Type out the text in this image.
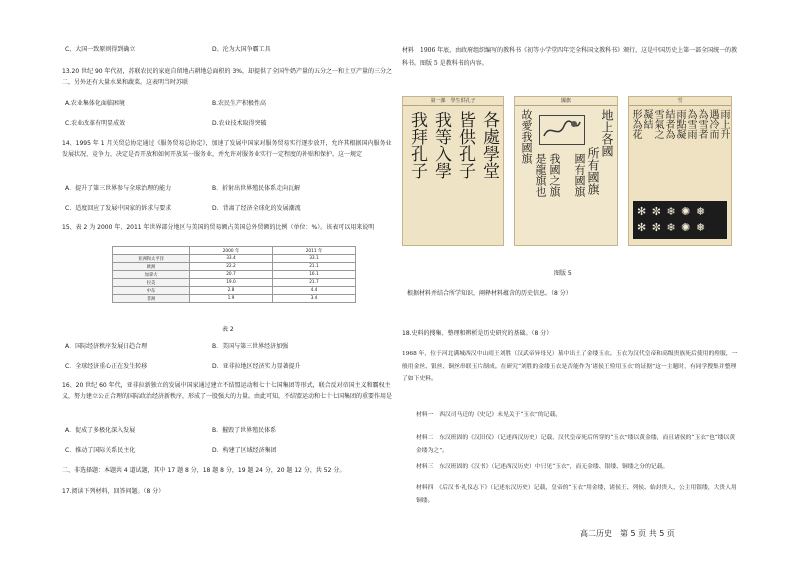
C、大国一致原则得到确立	D、沦为大国争霸工具
13.20 世纪 90 年代初，苏联农民的家庭自留地占耕地总面积的 3%，却提供了全国牛奶产量的五分之一和土豆产量的三分之二，另外还有大量水果和蔬菜。这表明当时苏联
A.农业集体化面临困境	B.农民生产积极性高
C.农业改革有明显成效	D.农业技术取得突破
14、1995 年 1 月关贸总协定通过《服务贸易总协定》，加速了发展中国家对服务贸易实行逐步放开，允许其根据国内服务业发展状况、竞争力，决定是否开放和如何开放某一服务业，并允许对服务业实行一定程度的补贴和保护。这一规定
A．提升了第三世界参与全球治理的能力	B．折射出世界殖民体系走向瓦解
C．适度回应了发展中国家的诉求与要求	D．背离了经济全球化的发展潮流
15、表 2 为 2000 年、2011 年世界部分地区与美国的贸易额占美国总外贸额的比例（单位：%）。该表可以用来说明
	2000 年	2011 年
亚洲和太平洋	33.4	33.1
欧洲	22.2	21.1
加拿大	20.7	16.1
拉美	19.0	21.7
中东	2.8	4.4
非洲	1.9	3.4
表 2
A．国际经济秩序发展日趋合理	B．美国与第三世界经济加强
C．全球经济重心正在发生转移	D．亚非拉地区经济实力显著提升
16、20 世纪 60 年代，亚非拉新独立的发展中国家通过建立不结盟运动和七十七国集团等形式，联合反对帝国主义和霸权主义，努力建立公正合理的国际政治经济新秩序，形成了一股强大的力量。由此可知，不结盟运动和七十七国集团的重要作用是
A．促成了多极化深入发展	B．摧毁了世界殖民体系
C．推动了国际关系民主化	D．构建了区域经济集团
二、非选择题：本题共 4 道试题，其中 17 题 8 分，18 题 8 分，19 题 24 分，20 题 12 分，共 52 分。
17.阅读下列材料，回答问题。（8 分）
材料　1906 年底，由政府组织编写的教科书《初等小学堂四年完全科国文教科书》颁行，这是中国历史上第一部全国统一的教科书。图版 5 是教科书的内容。
第一課　學生供孔子
各處學堂
皆供孔子
我等入學
我拜孔子
國旗
地上各國
所有國旗
國有國旗
我國之旗
是龍旗也
故愛我國旗
雪
雨上升
遇冷而
為雪者
為雪雨
雨點凝
結者為
雪氣之
凝結
形為花
✻ ✼ ❄ ✺ ❅
✻ ✼ ❄ ✺ ❅
图版 5
根据材料并结合所学知识，阐释材料蕴含的历史信息。（8 分）
18.史料的搜集、整理和辨析是历史研究的基础。（8 分）
1968 年，位于河北满城西汉中山靖王刘胜（汉武帝异母兄）墓中出土了金缕玉衣。玉衣为汉代皇帝和高级贵族死后使用的殓服，一般用金丝、银丝、铜丝串联玉片制成。在研究“刘胜的金缕玉衣是否能作为‘诸侯王殓用玉衣’的证据”这一主题时，有同学搜集并整理了如下史料。
材料一　西汉司马迁的《史记》未见关于“玉衣”的记载。
材料二　东汉班固的《汉旧仪》（记述西汉历史）记载，汉代皇帝死后所穿的“玉衣”缕以黄金缕，而且诸侯的“玉衣”也“缕以黄金缕为之”。
材料三　东汉班固的《汉书》（记述西汉历史）中只见“玉衣”，而无金缕、银缕、铜缕之分的记载。
材料四　《后汉书·礼仪志下》（记述东汉历史）记载，皇帝的“玉衣”用金缕，诸侯王、列侯、始封贵人、公主用银缕，大贵人用铜缕。
高二历史　第 5 页 共 5 页
